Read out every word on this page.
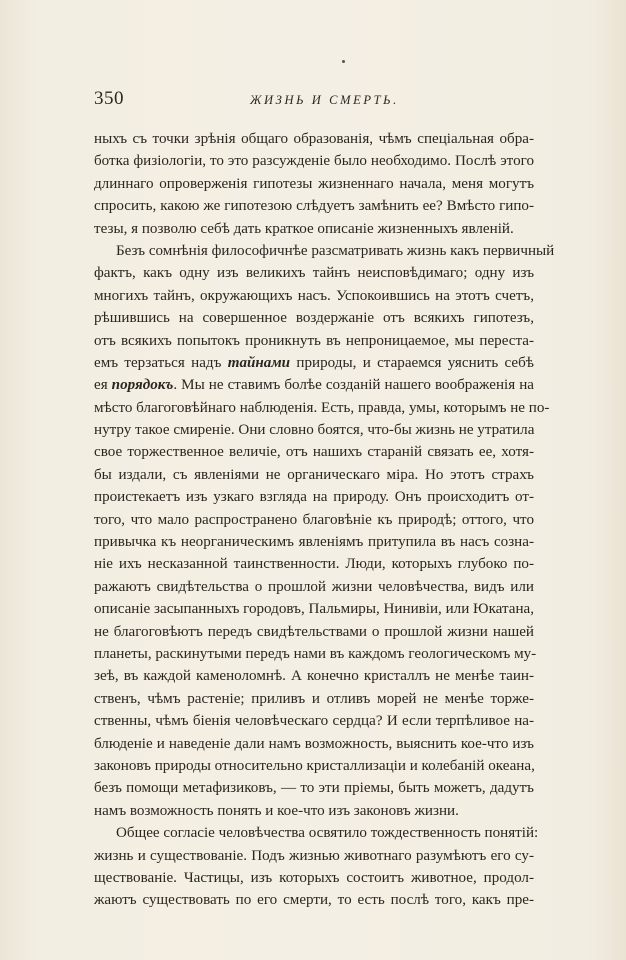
350	ЖИЗНЬ И СМЕРТЬ.
ныхъ съ точки зрѣнія общаго образованія, чѣмъ спеціальная обра-
ботка физіологіи, то это разсужденіе было необходимо. Послѣ этого
длиннаго опроверженія гипотезы жизненнаго начала, меня могутъ
спросить, какою же гипотезою слѣдуетъ замѣнить ее? Вмѣсто гипо-
тезы, я позволю себѣ дать краткое описаніе жизненныхъ явленій.
Безъ сомнѣнія философичнѣе разсматривать жизнь какъ первичный
фактъ, какъ одну изъ великихъ тайнъ неисповѣдимаго; одну изъ
многихъ тайнъ, окружающихъ насъ. Успокоившись на этотъ счетъ,
рѣшившись на совершенное воздержаніе отъ всякихъ гипотезъ,
отъ всякихъ попытокъ проникнуть въ непроницаемое, мы переста-
емъ терзаться надъ тайнами природы, и стараемся уяснить себѣ
ея порядокъ. Мы не ставимъ болѣе созданій нашего воображенія на
мѣсто благоговѣйнаго наблюденія. Есть, правда, умы, которымъ не по-
нутру такое смиреніе. Они словно боятся, что-бы жизнь не утратила
свое торжественное величіе, отъ нашихъ стараній связать ее, хотя-
бы издали, съ явленіями не органическаго міра. Но этотъ страхъ
проистекаетъ изъ узкаго взгляда на природу. Онъ происходитъ от-
того, что мало распространено благовѣніе къ природѣ; оттого, что
привычка къ неорганическимъ явленіямъ притупила въ насъ созна-
ніе ихъ несказанной таинственности. Люди, которыхъ глубоко по-
ражаютъ свидѣтельства о прошлой жизни человѣчества, видъ или
описаніе засыпанныхъ городовъ, Пальмиры, Нинивіи, или Юкатана,
не благоговѣютъ передъ свидѣтельствами о прошлой жизни нашей
планеты, раскинутыми передъ нами въ каждомъ геологическомъ му-
зеѣ, въ каждой каменоломнѣ. А конечно кристаллъ не менѣе таин-
ственъ, чѣмъ растеніе; приливъ и отливъ морей не менѣе торже-
ственны, чѣмъ біенія человѣческаго сердца? И если терпѣливое на-
блюденіе и наведеніе дали намъ возможность, выяснить кое-что изъ
законовъ природы относительно кристаллизаціи и колебаній океана,
безъ помощи метафизиковъ, — то эти пріемы, быть можетъ, дадутъ
намъ возможность понять и кое-что изъ законовъ жизни.
Общее согласіе человѣчества освятило тождественность понятій:
жизнь и существованіе. Подъ жизнью животнаго разумѣютъ его су-
ществованіе. Частицы, изъ которыхъ состоитъ животное, продол-
жаютъ существовать по его смерти, то есть послѣ того, какъ пре-
